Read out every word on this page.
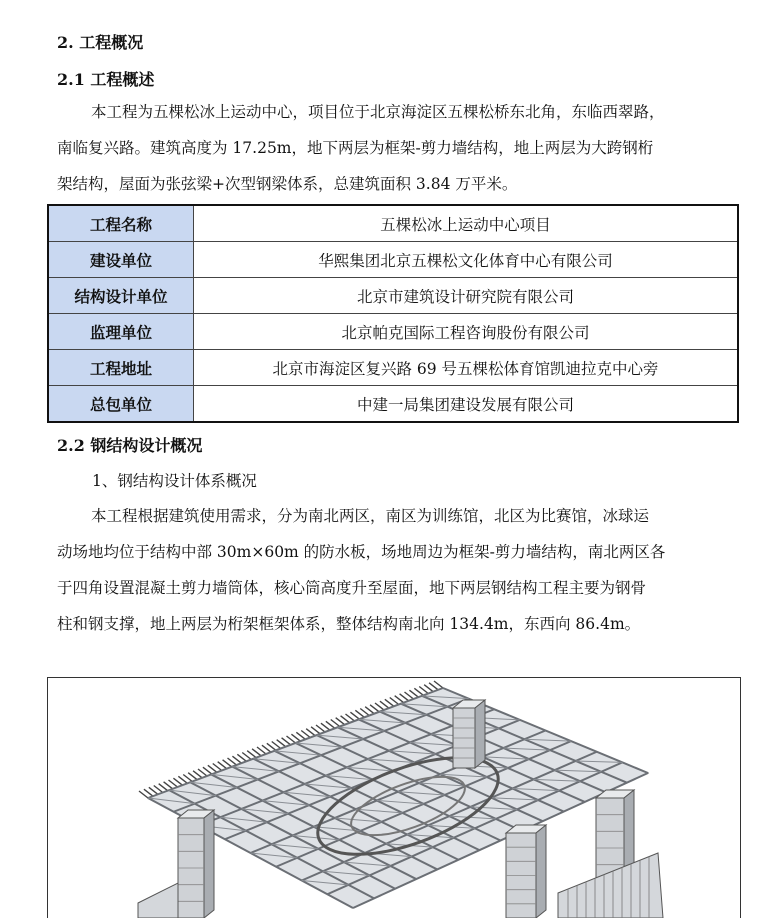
2. 工程概况
2.1 工程概述
本工程为五棵松冰上运动中心，项目位于北京海淀区五棵松桥东北角，东临西翠路，
南临复兴路。建筑高度为 17.25m，地下两层为框架-剪力墙结构，地上两层为大跨钢桁
架结构，屋面为张弦梁+次型钢梁体系，总建筑面积 3.84 万平米。
工程名称	五棵松冰上运动中心项目
建设单位	华熙集团北京五棵松文化体育中心有限公司
结构设计单位	北京市建筑设计研究院有限公司
监理单位	北京帕克国际工程咨询股份有限公司
工程地址	北京市海淀区复兴路 69 号五棵松体育馆凯迪拉克中心旁
总包单位	中建一局集团建设发展有限公司
2.2 钢结构设计概况
1、钢结构设计体系概况
本工程根据建筑使用需求，分为南北两区，南区为训练馆，北区为比赛馆，冰球运
动场地均位于结构中部 30m×60m 的防水板，场地周边为框架-剪力墙结构，南北两区各
于四角设置混凝土剪力墙筒体，核心筒高度升至屋面，地下两层钢结构工程主要为钢骨
柱和钢支撑，地上两层为桁架框架体系，整体结构南北向 134.4m，东西向 86.4m。
